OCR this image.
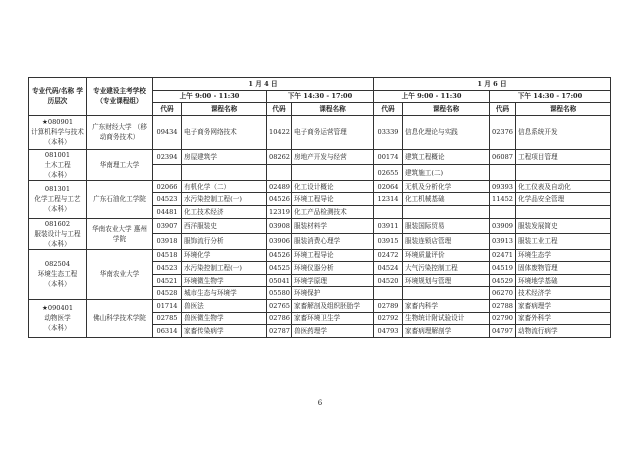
专业代码/名称 学历层次	专业建设主考学校 （专业课程组）	1 月 4 日				1 月 6 日			
		上午 9:00 - 11:30		下午 14:30 - 17:00		上午 9:00 - 11:30		下午 14:30 - 17:00	
		代码	课程名称	代码	课程名称	代码	课程名称	代码	课程名称

★080901
计算机科学与技术
（本科）	广东财经大学 （移动商务技术）	09434	电子商务网络技术	10422	电子商务运营管理	03339	信息化理论与实践	02376	信息系统开发

081001
土木工程
（本科）	华南理工大学	02394	房屋建筑学	08262	房地产开发与经营	00174	建筑工程概论	06087	工程项目管理
						02655	建筑施工(二)		

081301
化学工程与工艺
（本科）	广东石油化工学院	02066	有机化学（二）	02489	化工设计概论	02064	无机及分析化学	09393	化工仪表及自动化
		04523	水污染控制工程(一)	04526	环境工程导论	12314	化工机械基础	11452	化学品安全管理
		04481	化工技术经济	12319	化工产品检测技术				

081602
服装设计与工程
（本科）	华南农业大学 惠州学院	03907	西洋服装史	03908	服装材料学	03911	服装国际贸易	03909	服装发展简史
		03918	服饰流行分析	03906	服装消费心理学	03915	服装连锁店管理	03913	服装工业工程

082504
环境生态工程
（本科）	华南农业大学	04518	环境化学	04526	环境工程导论	02472	环境质量评价	02471	环境生态学
		04523	水污染控制工程(一)	04525	环境仪器分析	04524	大气污染控制工程	04519	固体废物管理
		04521	环境微生物学	05041	环境学原理	04520	环境规划与管理	04529	环境地学基础
		04528	城市生态与环境学	05580	环境保护			06270	技术经济学

★090401
动物医学
（本科）	佛山科学技术学院	01714	兽医法	02765	家畜解剖及组织胚胎学	02789	家畜内科学	02788	家畜病理学
		02785	兽医微生物学	02786	家畜环境卫生学	02792	生物统计附试验设计	02790	家畜外科学
		06314	家畜传染病学	02787	兽医药理学	04793	家畜病理解剖学	04797	动物流行病学
6
